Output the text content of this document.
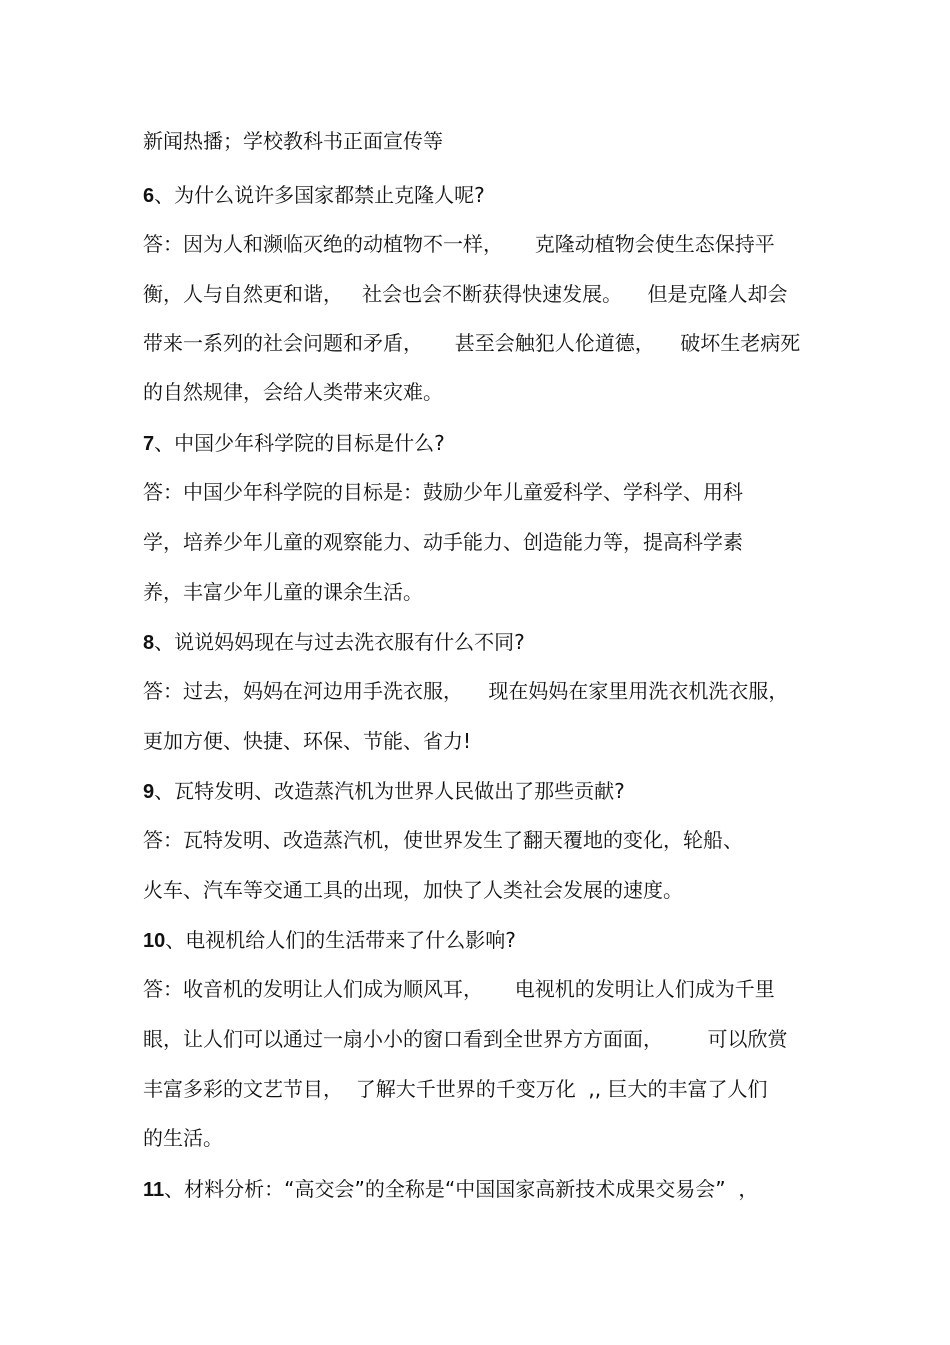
新闻热播；学校教科书正面宣传等
6、为什么说许多国家都禁止克隆人呢?
答：因为人和濒临灭绝的动植物不一样，     克隆动植物会使生态保持平
衡，人与自然更和谐，   社会也会不断获得快速发展。    但是克隆人却会
带来一系列的社会问题和矛盾，     甚至会触犯人伦道德，    破坏生老病死
的自然规律，会给人类带来灾难。
7、中国少年科学院的目标是什么?
答：中国少年科学院的目标是：鼓励少年儿童爱科学、学科学、用科
学，培养少年儿童的观察能力、动手能力、创造能力等，提高科学素
养，丰富少年儿童的课余生活。
8、说说妈妈现在与过去洗衣服有什么不同?
答：过去，妈妈在河边用手洗衣服，    现在妈妈在家里用洗衣机洗衣服，
更加方便、快捷、环保、节能、省力!
9、瓦特发明、改造蒸汽机为世界人民做出了那些贡献?
答：瓦特发明、改造蒸汽机，使世界发生了翻天覆地的变化，轮船、
火车、汽车等交通工具的出现，加快了人类社会发展的速度。
10、电视机给人们的生活带来了什么影响?
答：收音机的发明让人们成为顺风耳，     电视机的发明让人们成为千里
眼，让人们可以通过一扇小小的窗口看到全世界方方面面，       可以欣赏
丰富多彩的文艺节目，  了解大千世界的千变万化  ,, 巨大的丰富了人们
的生活。
11、材料分析：“高交会”的全称是“中国国家高新技术成果交易会”  ，
